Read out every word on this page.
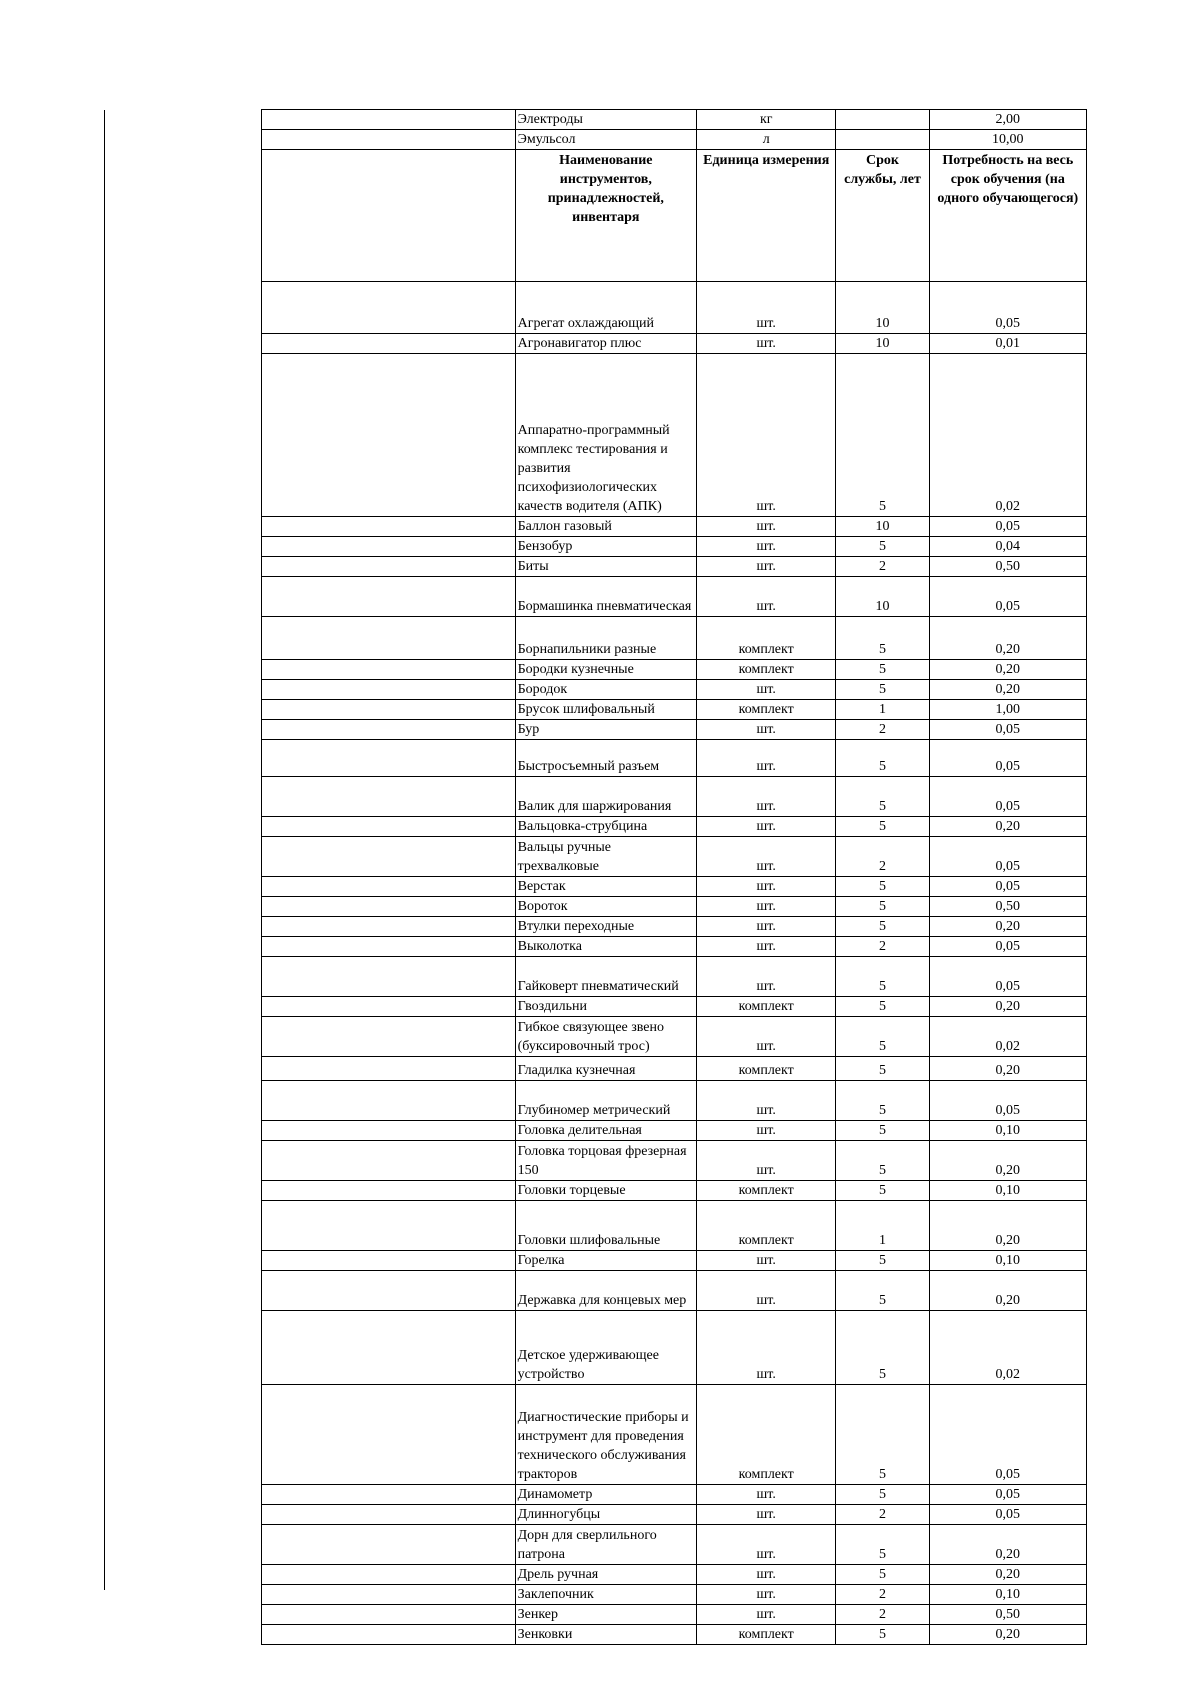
	Электроды	кг		2,00
	Эмульсол	л		10,00
	Наименование инструментов, принадлежностей, инвентаря	Единица измерения	Срок службы, лет	Потребность на весь срок обучения (на одного обучающегося)
	Агрегат охлаждающий	шт.	10	0,05
	Агронавигатор плюс	шт.	10	0,01
	Аппаратно-программный комплекс тестирования и развития психофизиологических качеств водителя (АПК)	шт.	5	0,02
	Баллон газовый	шт.	10	0,05
	Бензобур	шт.	5	0,04
	Биты	шт.	2	0,50
	Бормашинка пневматическая	шт.	10	0,05
	Борнапильники разные	комплект	5	0,20
	Бородки кузнечные	комплект	5	0,20
	Бородок	шт.	5	0,20
	Брусок шлифовальный	комплект	1	1,00
	Бур	шт.	2	0,05
	Быстросъемный разъем	шт.	5	0,05
	Валик для шаржирования	шт.	5	0,05
	Вальцовка-струбцина	шт.	5	0,20
	Вальцы ручные трехвалковые	шт.	2	0,05
	Верстак	шт.	5	0,05
	Вороток	шт.	5	0,50
	Втулки переходные	шт.	5	0,20
	Выколотка	шт.	2	0,05
	Гайковерт пневматический	шт.	5	0,05
	Гвоздильни	комплект	5	0,20
	Гибкое связующее звено (буксировочный трос)	шт.	5	0,02
	Гладилка кузнечная	комплект	5	0,20
	Глубиномер метрический	шт.	5	0,05
	Головка делительная	шт.	5	0,10
	Головка торцовая фрезерная 150	шт.	5	0,20
	Головки торцевые	комплект	5	0,10
	Головки шлифовальные	комплект	1	0,20
	Горелка	шт.	5	0,10
	Державка для концевых мер	шт.	5	0,20
	Детское удерживающее устройство	шт.	5	0,02
	Диагностические приборы и инструмент для проведения технического обслуживания тракторов	комплект	5	0,05
	Динамометр	шт.	5	0,05
	Длинногубцы	шт.	2	0,05
	Дорн для сверлильного патрона	шт.	5	0,20
	Дрель ручная	шт.	5	0,20
	Заклепочник	шт.	2	0,10
	Зенкер	шт.	2	0,50
	Зенковки	комплект	5	0,20
